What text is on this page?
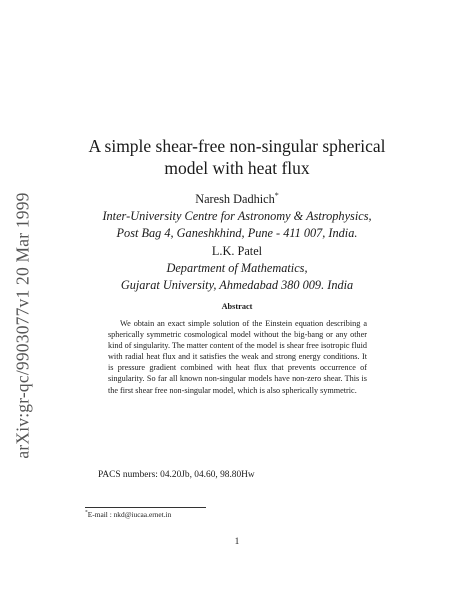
arXiv:gr-qc/9903077v1 20 Mar 1999
A simple shear-free non-singular spherical
model with heat flux
Naresh Dadhich*
Inter-University Centre for Astronomy & Astrophysics,
Post Bag 4, Ganeshkhind, Pune - 411 007, India.
L.K. Patel
Department of Mathematics,
Gujarat University, Ahmedabad 380 009. India
Abstract

We obtain an exact simple solution of the Einstein equation describing a spherically symmetric cosmological model without the big-bang or any other kind of singularity. The matter content of the model is shear free isotropic fluid with radial heat flux and it satisfies the weak and strong energy conditions. It is pressure gradient combined with heat flux that prevents occurrence of singularity. So far all known non-singular models have non-zero shear. This is the first shear free non-singular model, which is also spherically symmetric.

PACS numbers: 04.20Jb, 04.60, 98.80Hw
*E-mail : nkd@iucaa.ernet.in
1
